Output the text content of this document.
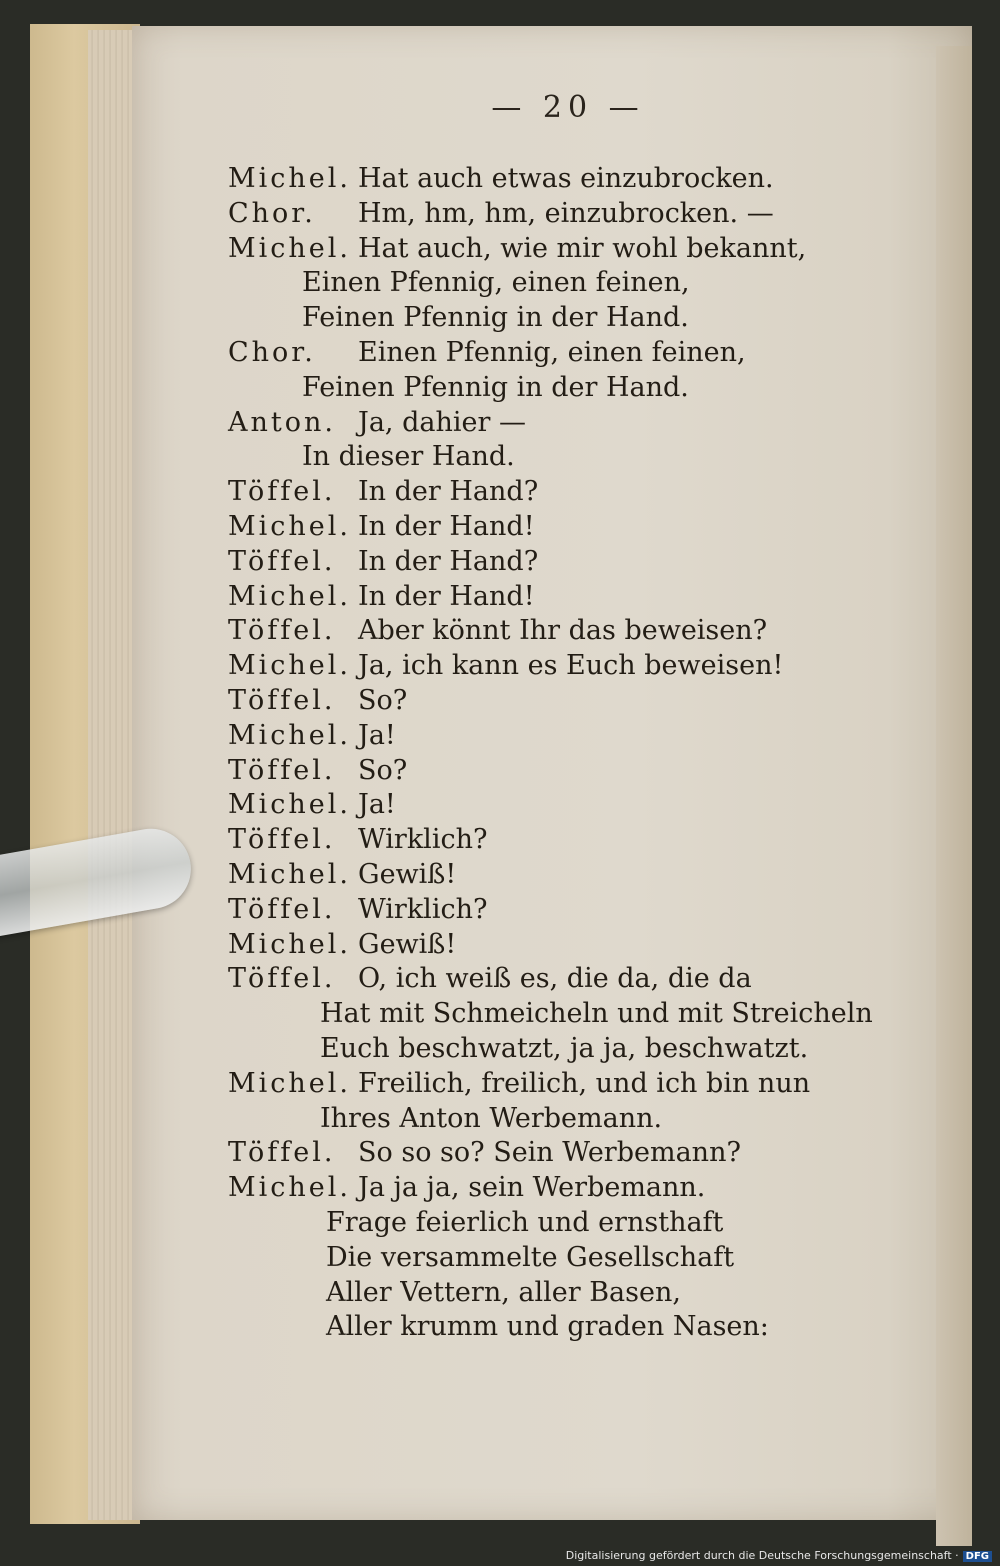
— 20 —
Michel. Hat auch etwas einzubrocken.
Chor. Hm, hm, hm, einzubrocken. —
Michel. Hat auch, wie mir wohl bekannt,
Einen Pfennig, einen feinen,
Feinen Pfennig in der Hand.
Chor. Einen Pfennig, einen feinen,
Feinen Pfennig in der Hand.
Anton. Ja, dahier —
In dieser Hand.
Töffel. In der Hand?
Michel. In der Hand!
Töffel. In der Hand?
Michel. In der Hand!
Töffel. Aber könnt Ihr das beweisen?
Michel. Ja, ich kann es Euch beweisen!
Töffel. So?
Michel. Ja!
Töffel. So?
Michel. Ja!
Töffel. Wirklich?
Michel. Gewiß!
Töffel. Wirklich?
Michel. Gewiß!
Töffel. O, ich weiß es, die da, die da
Hat mit Schmeicheln und mit Streicheln
Euch beschwatzt, ja ja, beschwatzt.
Michel. Freilich, freilich, und ich bin nun
Ihres Anton Werbemann.
Töffel. So so so? Sein Werbemann?
Michel. Ja ja ja, sein Werbemann.
Frage feierlich und ernsthaft
Die versammelte Gesellschaft
Aller Vettern, aller Basen,
Aller krumm und graden Nasen:
Digitalisierung gefördert durch die Deutsche Forschungsgemeinschaft · DFG
